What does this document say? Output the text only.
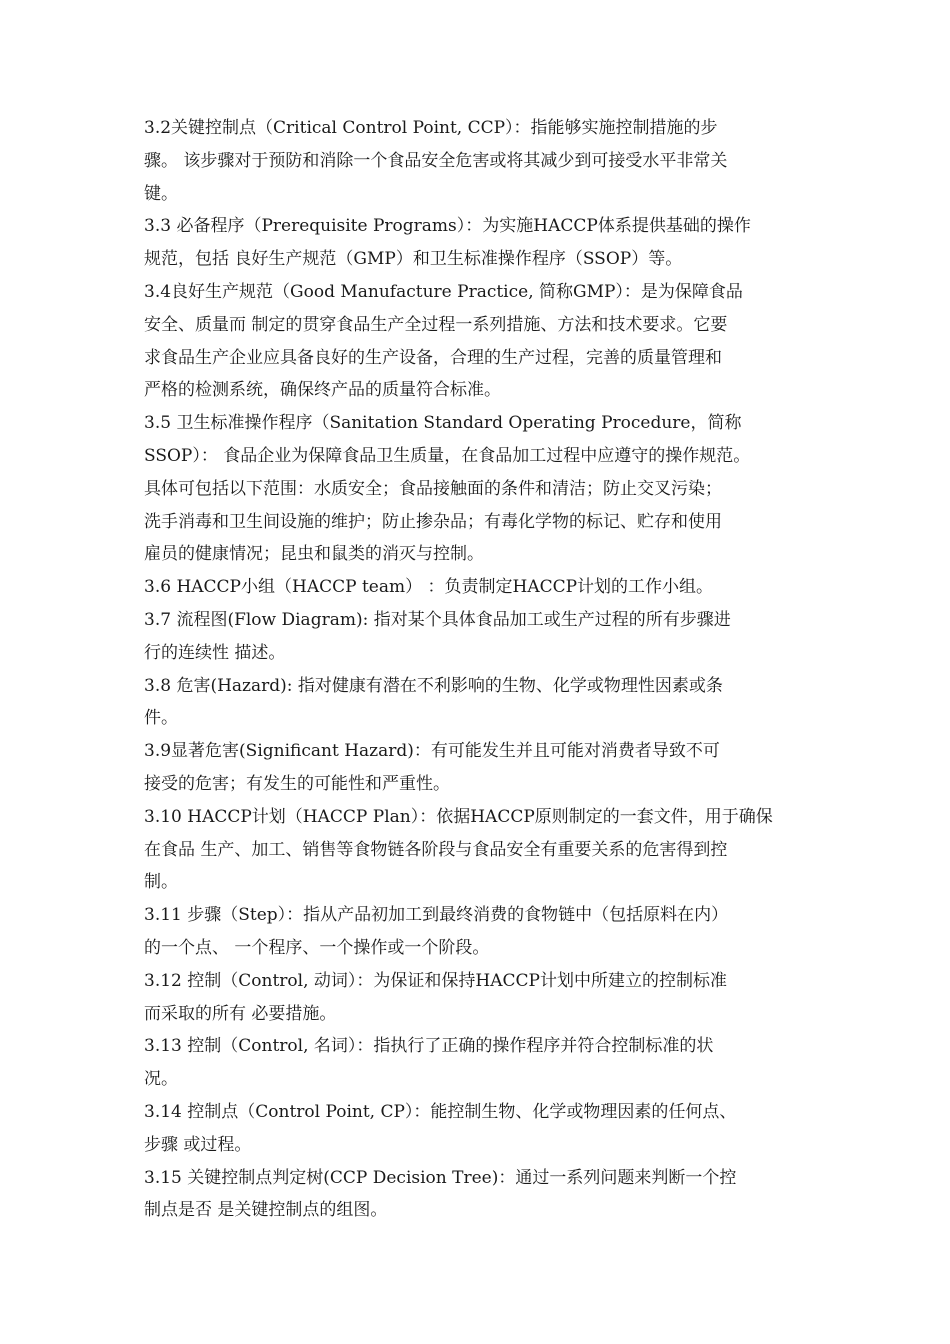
3.2关键控制点（Critical Control Point, CCP）：指能够实施控制措施的步
骤。 该步骤对于预防和消除一个食品安全危害或将其减少到可接受水平非常关
键。
3.3 必备程序（Prerequisite Programs）：为实施HACCP体系提供基础的操作
规范，包括 良好生产规范（GMP）和卫生标准操作程序（SSOP）等。
3.4良好生产规范（Good Manufacture Practice, 简称GMP）：是为保障食品
安全、质量而 制定的贯穿食品生产全过程一系列措施、方法和技术要求。它要
求食品生产企业应具备良好的生产设备，合理的生产过程，完善的质量管理和
严格的检测系统，确保终产品的质量符合标准。
3.5 卫生标准操作程序（Sanitation Standard Operating Procedure，简称
SSOP）： 食品企业为保障食品卫生质量，在食品加工过程中应遵守的操作规范。
具体可包括以下范围：水质安全；食品接触面的条件和清洁；防止交叉污染；
洗手消毒和卫生间设施的维护；防止掺杂品；有毒化学物的标记、贮存和使用
雇员的健康情况；昆虫和鼠类的消灭与控制。
3.6 HACCP小组（HACCP team） ：负责制定HACCP计划的工作小组。
3.7 流程图(Flow Diagram): 指对某个具体食品加工或生产过程的所有步骤进
行的连续性 描述。
3.8 危害(Hazard): 指对健康有潜在不利影响的生物、化学或物理性因素或条
件。
3.9显著危害(Significant Hazard)：有可能发生并且可能对消费者导致不可
接受的危害；有发生的可能性和严重性。
3.10 HACCP计划（HACCP Plan）：依据HACCP原则制定的一套文件，用于确保
在食品 生产、加工、销售等食物链各阶段与食品安全有重要关系的危害得到控
制。
3.11 步骤（Step）：指从产品初加工到最终消费的食物链中（包括原料在内）
的一个点、 一个程序、一个操作或一个阶段。
3.12 控制（Control, 动词）：为保证和保持HACCP计划中所建立的控制标准
而采取的所有 必要措施。
3.13 控制（Control, 名词）：指执行了正确的操作程序并符合控制标准的状
况。
3.14 控制点（Control Point, CP）：能控制生物、化学或物理因素的任何点、
步骤 或过程。
3.15 关键控制点判定树(CCP Decision Tree)：通过一系列问题来判断一个控
制点是否 是关键控制点的组图。
